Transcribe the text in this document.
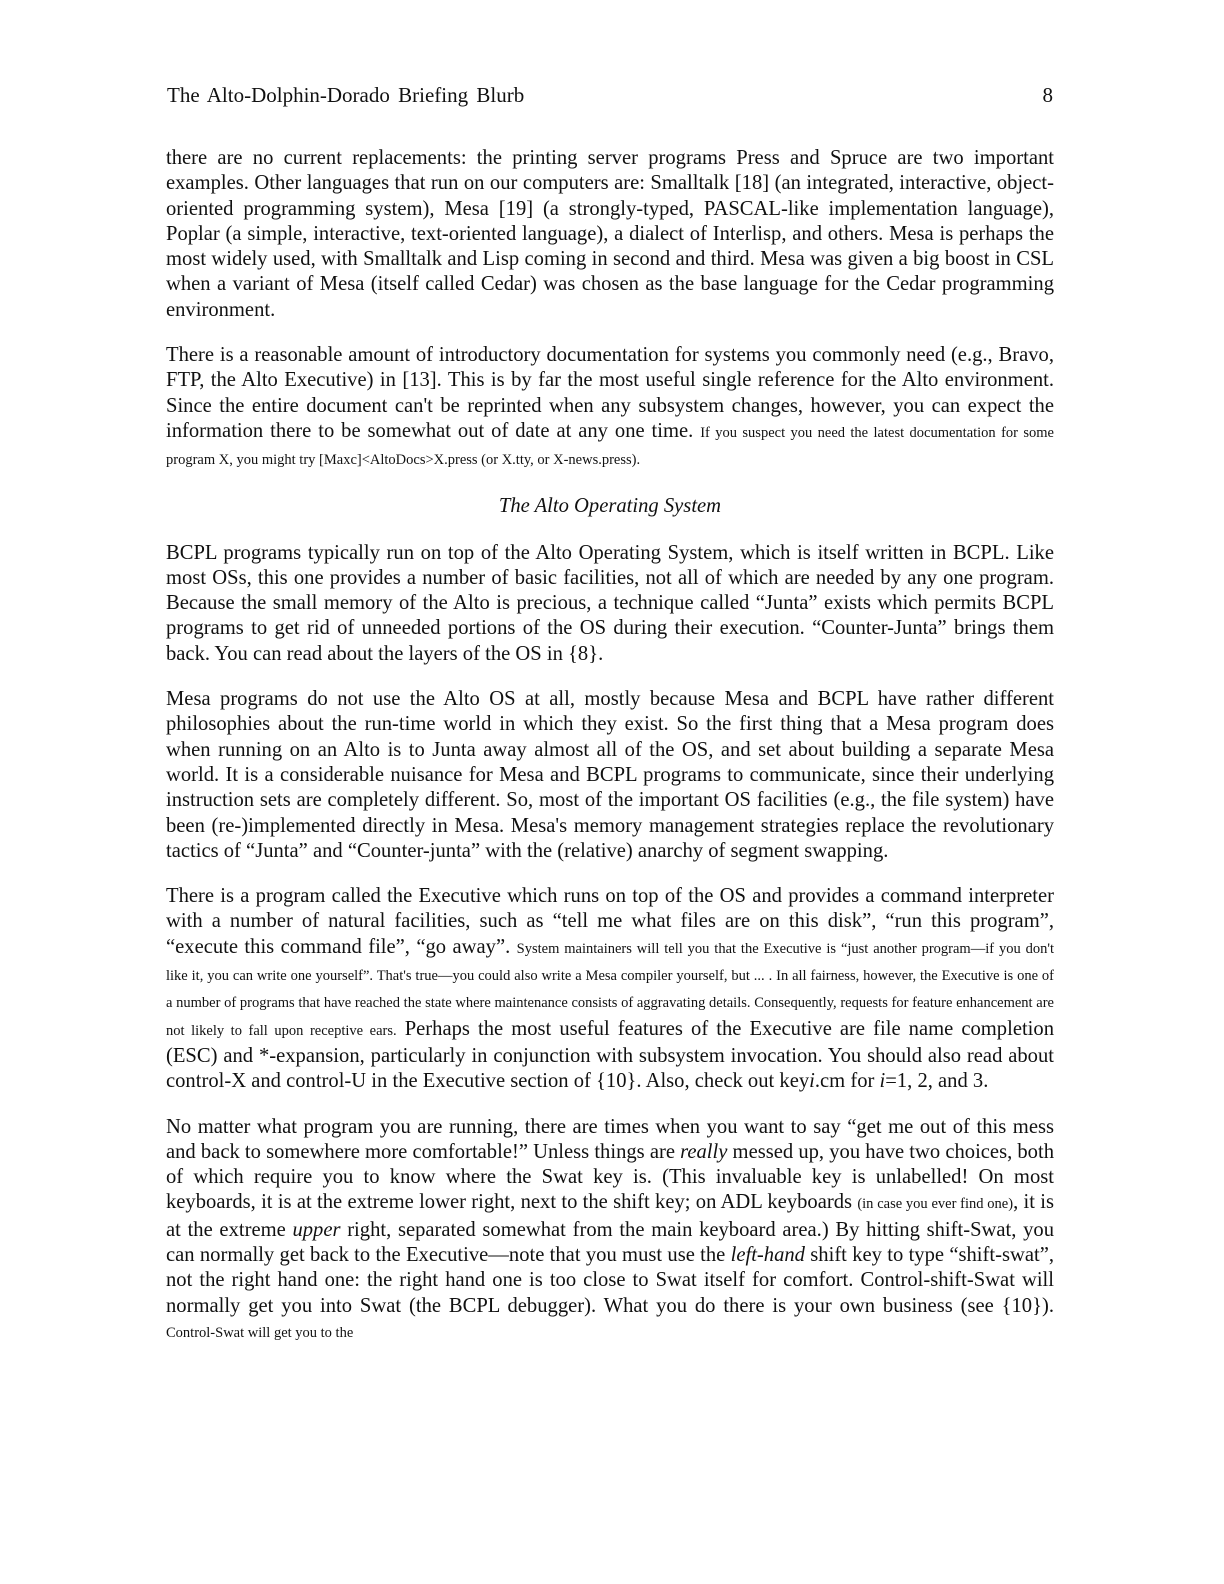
The Alto-Dolphin-Dorado Briefing Blurb	8

there are no current replacements: the printing server programs Press and Spruce are two important examples. Other languages that run on our computers are: Smalltalk [18] (an integrated, interactive, object-oriented programming system), Mesa [19] (a strongly-typed, PASCAL-like implementation language), Poplar (a simple, interactive, text-oriented language), a dialect of Interlisp, and others. Mesa is perhaps the most widely used, with Smalltalk and Lisp coming in second and third. Mesa was given a big boost in CSL when a variant of Mesa (itself called Cedar) was chosen as the base language for the Cedar programming environment.

There is a reasonable amount of introductory documentation for systems you commonly need (e.g., Bravo, FTP, the Alto Executive) in [13]. This is by far the most useful single reference for the Alto environment. Since the entire document can't be reprinted when any subsystem changes, however, you can expect the information there to be somewhat out of date at any one time. If you suspect you need the latest documentation for some program X, you might try [Maxc]<AltoDocs>X.press (or X.tty, or X-news.press).

The Alto Operating System

BCPL programs typically run on top of the Alto Operating System, which is itself written in BCPL. Like most OSs, this one provides a number of basic facilities, not all of which are needed by any one program. Because the small memory of the Alto is precious, a technique called “Junta” exists which permits BCPL programs to get rid of unneeded portions of the OS during their execution. “Counter-Junta” brings them back. You can read about the layers of the OS in {8}.

Mesa programs do not use the Alto OS at all, mostly because Mesa and BCPL have rather different philosophies about the run-time world in which they exist. So the first thing that a Mesa program does when running on an Alto is to Junta away almost all of the OS, and set about building a separate Mesa world. It is a considerable nuisance for Mesa and BCPL programs to communicate, since their underlying instruction sets are completely different. So, most of the important OS facilities (e.g., the file system) have been (re-)implemented directly in Mesa. Mesa's memory management strategies replace the revolutionary tactics of “Junta” and “Counter-junta” with the (relative) anarchy of segment swapping.

There is a program called the Executive which runs on top of the OS and provides a command interpreter with a number of natural facilities, such as “tell me what files are on this disk”, “run this program”, “execute this command file”, “go away”. System maintainers will tell you that the Executive is “just another program—if you don't like it, you can write one yourself”. That's true—you could also write a Mesa compiler yourself, but ... . In all fairness, however, the Executive is one of a number of programs that have reached the state where maintenance consists of aggravating details. Consequently, requests for feature enhancement are not likely to fall upon receptive ears. Perhaps the most useful features of the Executive are file name completion (ESC) and *-expansion, particularly in conjunction with subsystem invocation. You should also read about control-X and control-U in the Executive section of {10}. Also, check out keyi.cm for i=1, 2, and 3.

No matter what program you are running, there are times when you want to say “get me out of this mess and back to somewhere more comfortable!” Unless things are really messed up, you have two choices, both of which require you to know where the Swat key is. (This invaluable key is unlabelled! On most keyboards, it is at the extreme lower right, next to the shift key; on ADL keyboards (in case you ever find one), it is at the extreme upper right, separated somewhat from the main keyboard area.) By hitting shift-Swat, you can normally get back to the Executive—note that you must use the left-hand shift key to type “shift-swat”, not the right hand one: the right hand one is too close to Swat itself for comfort. Control-shift-Swat will normally get you into Swat (the BCPL debugger). What you do there is your own business (see {10}). Control-Swat will get you to the
